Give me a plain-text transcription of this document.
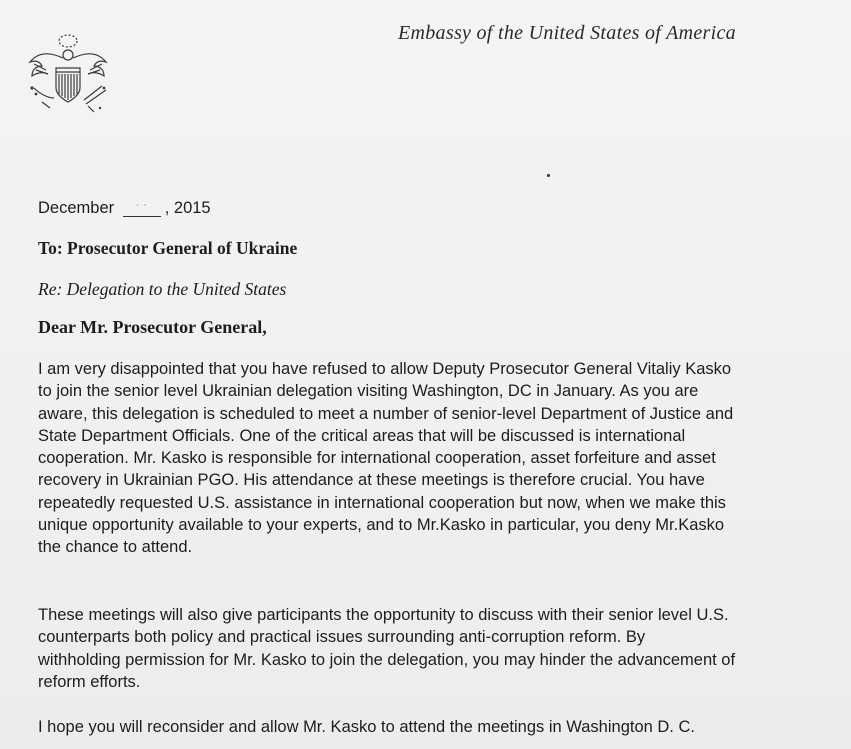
Embassy of the United States of America
December ´ ´ , 2015
To: Prosecutor General of Ukraine
Re: Delegation to the United States
Dear Mr. Prosecutor General,
I am very disappointed that you have refused to allow Deputy Prosecutor General Vitaliy Kasko
to join the senior level Ukrainian delegation visiting Washington, DC in January. As you are
aware, this delegation is scheduled to meet a number of senior-level Department of Justice and
State Department Officials. One of the critical areas that will be discussed is international
cooperation. Mr. Kasko is responsible for international cooperation, asset forfeiture and asset
recovery in Ukrainian PGO. His attendance at these meetings is therefore crucial. You have
repeatedly requested U.S. assistance in international cooperation but now, when we make this
unique opportunity available to your experts, and to Mr.Kasko in particular, you deny Mr.Kasko
the chance to attend.
These meetings will also give participants the opportunity to discuss with their senior level U.S.
counterparts both policy and practical issues surrounding anti-corruption reform. By
withholding permission for Mr. Kasko to join the delegation, you may hinder the advancement of
reform efforts.
I hope you will reconsider and allow Mr. Kasko to attend the meetings in Washington D. C.
